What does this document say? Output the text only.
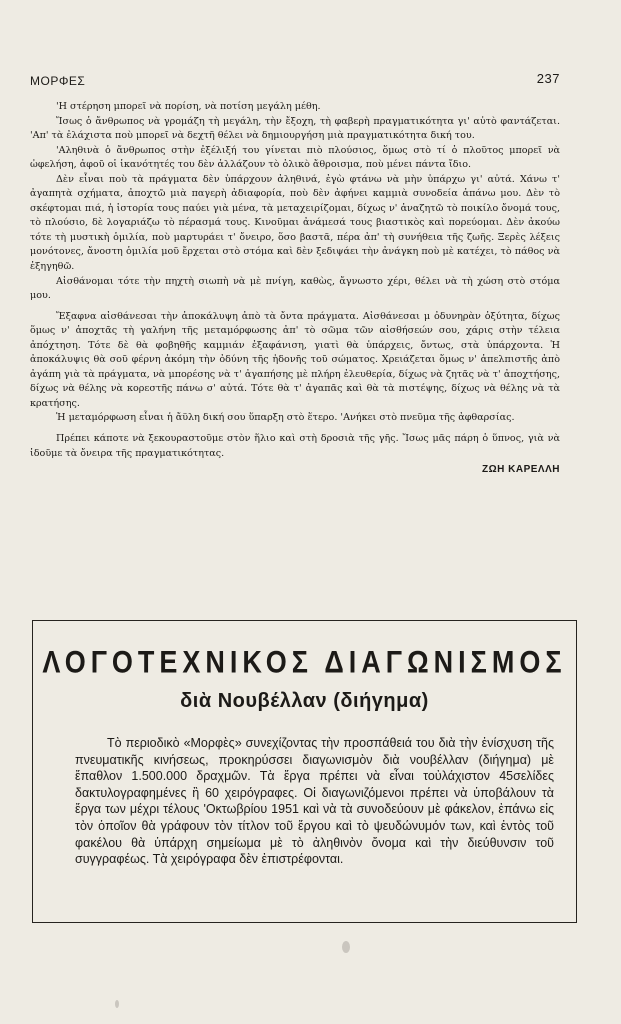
ΜΟΡΦΕΣ	237

'Η στέρηση μπορεῖ νὰ πορίση, νὰ ποτίση μεγάλη μέθη.

Ἴσως ὁ ἄνθρωπος νὰ γρομάζη τὴ μεγάλη, τὴν ἔξοχη, τὴ φαβερὴ πραγματικότητα γι' αὐτὸ φαντάζεται. 'Απ' τὰ ἐλάχιστα ποὺ μπορεῖ νὰ δεχτῆ θέλει νὰ δημιουργήση μιὰ πραγματικότητα δική του.

'Αληθινὰ ὁ ἄνθρωπος στὴν ἐξέλιξή του γίνεται πιὸ πλούσιος, ὅμως στὸ τί ὁ πλοῦτος μπορεῖ νὰ ὠφελήση, ἀφοῦ οἱ ἱκανότητές του δὲν ἀλλάζουν τὸ ὁλικὸ ἄθροισμα, ποὺ μένει πάντα ἴδιο.

Δὲν εἶναι ποὺ τὰ πράγματα δὲν ὑπάρχουν ἀληθινά, ἐγὼ φτάνω νὰ μὴν ὑπάρχω γι' αὐτά. Χάνω τ' ἀγαπητὰ σχήματα, ἀποχτῶ μιὰ παγερὴ ἀδιαφορία, ποὺ δὲν ἀφήνει καμμιὰ συνοδεία ἀπάνω μου. Δὲν τὸ σκέφτομαι πιά, ἡ ἱστορία τους παύει γιὰ μένα, τὰ μεταχειρίζομαι, δίχως ν' ἀναζητῶ τὸ ποικίλο ὄνομά τους, τὸ πλούσιο, δὲ λογαριάζω τὸ πέρασμά τους. Κινοῦμαι ἀνάμεσά τους βιαστικὸς καὶ πορεύομαι. Δὲν ἀκούω τότε τὴ μυστικὴ ὁμιλία, ποὺ μαρτυράει τ' ὄνειρο, ὅσο βαστᾶ, πέρα ἀπ' τὴ συνήθεια τῆς ζωῆς. Ξερὲς λέξεις μονότονες, ἄνοστη ὁμιλία μοῦ ἔρχεται στὸ στόμα καὶ δὲν ξεδιψάει τὴν ἀνάγκη ποὺ μὲ κατέχει, τὸ πάθος νὰ ἐξηγηθῶ.

Αἰσθάνομαι τότε τὴν πηχτὴ σιωπὴ νὰ μὲ πνίγη, καθὼς, ἄγνωστο χέρι, θέλει νὰ τὴ χώση στὸ στόμα μου.

Ἔξαφνα αἰσθάνεσαι τὴν ἀποκάλυψη ἀπὸ τὰ ὄντα πράγματα. Αἰσθάνεσαι μ ὀδυνηρὰν ὀξύτητα, δίχως ὅμως ν' ἀποχτᾶς τὴ γαλήνη τῆς μεταμόρφωσης ἀπ' τὸ σῶμα τῶν αἰσθήσεών σου, χάρις στὴν τέλεια ἀπόχτηση. Τότε δὲ θὰ φοβηθῆς καμμιάν ἐξαφάνιση, γιατὶ θὰ ὑπάρχεις, ὄντως, στὰ ὑπάρχοντα. Ἡ ἀποκάλυψις θὰ σοῦ φέρνη ἀκόμη τὴν ὀδύνη τῆς ἡδονῆς τοῦ σώματος. Χρειάζεται ὅμως ν' ἀπελπιστῆς ἀπὸ ἀγάπη γιὰ τὰ πράγματα, νὰ μπορέσης νὰ τ' ἀγαπήσης μὲ πλήρη ἐλευθερία, δίχως νὰ ζητᾶς νὰ τ' ἀποχτήσης, δίχως νὰ θέλης νὰ κορεστῆς πάνω σ' αὐτά. Τότε θὰ τ' ἀγαπᾶς καὶ θὰ τὰ πιστέψης, δίχως νὰ θέλης νὰ τὰ κρατήσης.

Ἡ μεταμόρφωση εἶναι ἡ ἄϋλη δική σου ὕπαρξη στὸ ἕτερο. 'Ανήκει στὸ πνεῦμα τῆς ἀφθαρσίας.

Πρέπει κάποτε νὰ ξεκουραστοῦμε στὸν ἥλιο καὶ στὴ δροσιὰ τῆς γῆς. Ἴσως μᾶς πάρη ὁ ὕπνος, γιὰ νὰ ἰδοῦμε τὰ ὄνειρα τῆς πραγματικότητας.

ΖΩΗ ΚΑΡΕΛΛΗ

ΛΟΓΟΤΕΧΝΙΚΟΣ ΔΙΑΓΩΝΙΣΜΟΣ
διὰ Νουβέλλαν (διήγημα)

Τὸ περιοδικὸ «Μορφὲς» συνεχίζοντας τὴν προσπάθειά του διὰ τὴν ἐνίσχυση τῆς πνευματικῆς κινήσεως, προκηρύσσει διαγωνισμὸν διὰ νουβέλλαν (διήγημα) μὲ ἔπαθλον 1.500.000 δραχμῶν. Τὰ ἔργα πρέπει νὰ εἶναι τοὐλάχιστον 45σελίδες δακτυλογραφημένες ἢ 60 χειρόγραφες. Οἱ διαγωνιζόμενοι πρέπει νὰ ὑποβάλουν τὰ ἔργα των μέχρι τέλους 'Οκτωβρίου 1951 καὶ νὰ τὰ συνοδεύουν μὲ φάκελον, ἐπάνω εἰς τὸν ὁποῖον θὰ γράφουν τὸν τίτλον τοῦ ἔργου καὶ τὸ ψευδώνυμόν των, καὶ ἐντὸς τοῦ φακέλου θὰ ὑπάρχη σημείωμα μὲ τὸ ἀληθινὸν ὄνομα καὶ τὴν διεύθυνσιν τοῦ συγγραφέως. Τὰ χειρόγραφα δὲν ἐπιστρέφονται.
